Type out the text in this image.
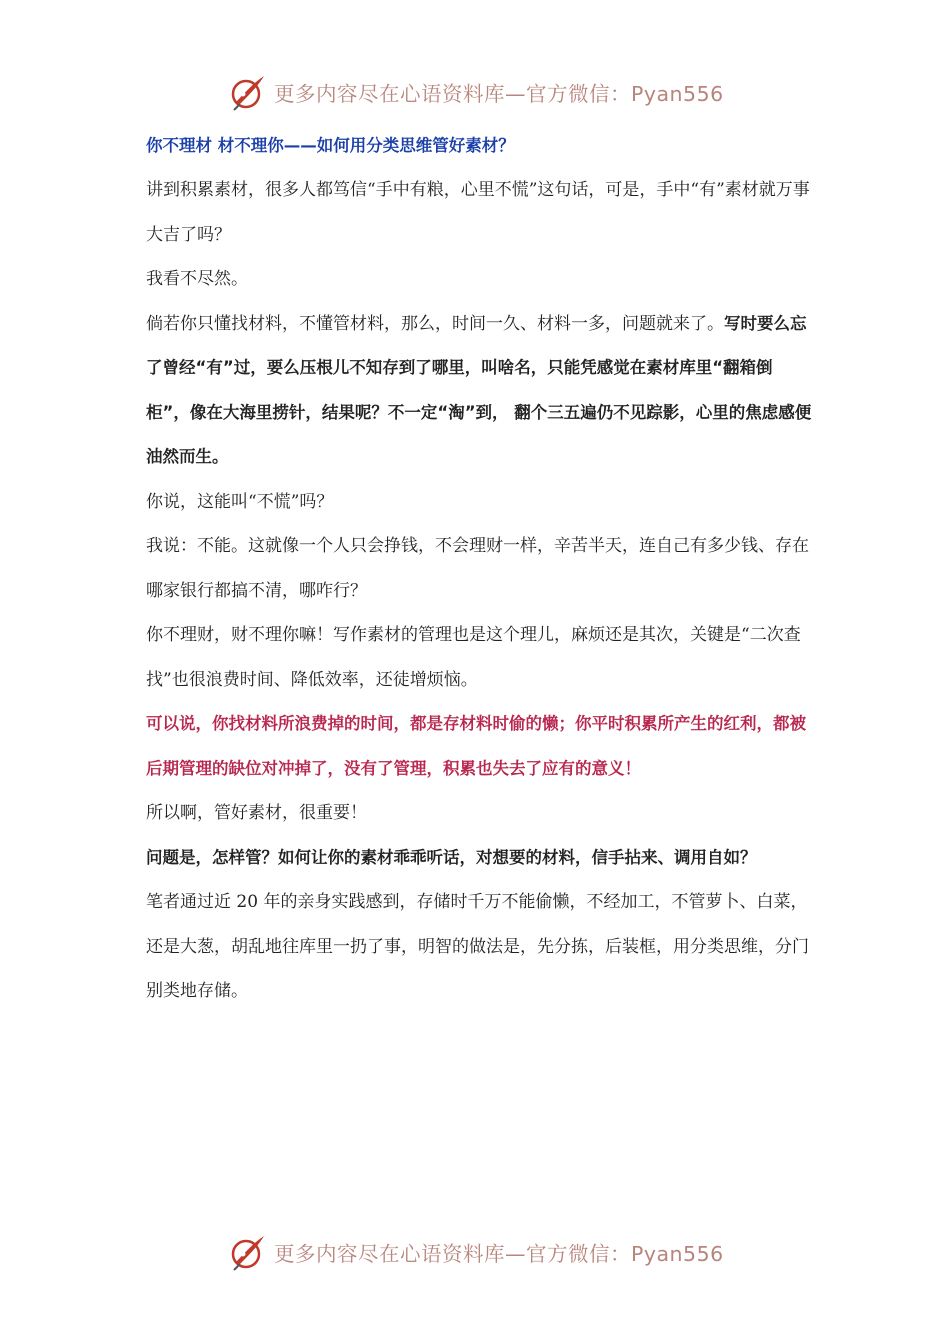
更多内容尽在心语资料库—官方微信：Pyan556

你不理材 材不理你——如何用分类思维管好素材？

讲到积累素材，很多人都笃信“手中有粮，心里不慌”这句话，可是，手中“有”素材就万事大吉了吗？

我看不尽然。

倘若你只懂找材料，不懂管材料，那么，时间一久、材料一多，问题就来了。写时要么忘了曾经“有”过，要么压根儿不知存到了哪里，叫啥名，只能凭感觉在素材库里“翻箱倒柜”，像在大海里捞针，结果呢？不一定“淘”到， 翻个三五遍仍不见踪影，心里的焦虑感便油然而生。

你说，这能叫“不慌”吗？

我说：不能。这就像一个人只会挣钱，不会理财一样，辛苦半天，连自己有多少钱、存在哪家银行都搞不清，哪咋行？

你不理财，财不理你嘛！写作素材的管理也是这个理儿，麻烦还是其次，关键是“二次查找”也很浪费时间、降低效率，还徒增烦恼。

可以说，你找材料所浪费掉的时间，都是存材料时偷的懒；你平时积累所产生的红利，都被后期管理的缺位对冲掉了，没有了管理，积累也失去了应有的意义！

所以啊，管好素材，很重要！

问题是，怎样管？如何让你的素材乖乖听话，对想要的材料，信手拈来、调用自如？

笔者通过近 20 年的亲身实践感到，存储时千万不能偷懒，不经加工，不管萝卜、白菜，还是大葱，胡乱地往库里一扔了事，明智的做法是，先分拣，后装框，用分类思维，分门别类地存储。

更多内容尽在心语资料库—官方微信：Pyan556
